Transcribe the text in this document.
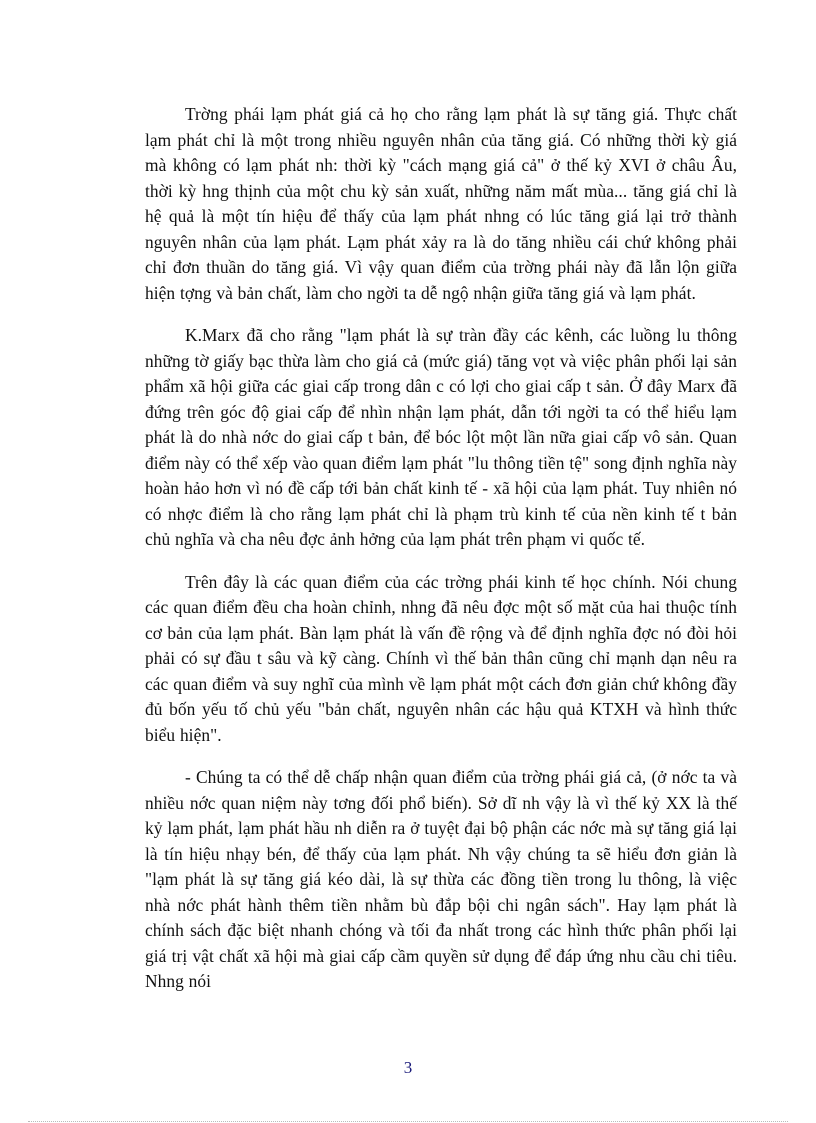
Trờng phái lạm phát giá cả họ cho rằng lạm phát là sự tăng giá. Thực chất lạm phát chỉ là một trong nhiều nguyên nhân của tăng giá. Có những thời kỳ giá mà không có lạm phát nh: thời kỳ "cách mạng giá cả" ở thế kỷ XVI ở châu Âu, thời kỳ hng thịnh của một chu kỳ sản xuất, những năm mất mùa... tăng giá chỉ là hệ quả là một tín hiệu để thấy của lạm phát nhng có lúc tăng giá lại trở thành nguyên nhân của lạm phát. Lạm phát xảy ra là do tăng nhiều cái chứ không phải chỉ đơn thuần do tăng giá. Vì vậy quan điểm của trờng phái này đã lẫn lộn giữa hiện tợng và bản chất, làm cho ngời ta dễ ngộ nhận giữa tăng giá và lạm phát.

K.Marx đã cho rằng "lạm phát là sự tràn đầy các kênh, các luồng lu thông những tờ giấy bạc thừa làm cho giá cả (mức giá) tăng vọt và việc phân phối lại sản phẩm xã hội giữa các giai cấp trong dân c có lợi cho giai cấp t sản. Ở đây Marx đã đứng trên góc độ giai cấp để nhìn nhận lạm phát, dẫn tới ngời ta có thể hiểu lạm phát là do nhà nớc do giai cấp t bản, để bóc lột một lần nữa giai cấp vô sản. Quan điểm này có thể xếp vào quan điểm lạm phát "lu thông tiền tệ" song định nghĩa này hoàn hảo hơn vì nó đề cấp tới bản chất kinh tế - xã hội của lạm phát. Tuy nhiên nó có nhợc điểm là cho rằng lạm phát chỉ là phạm trù kinh tế của nền kinh tế t bản chủ nghĩa và cha nêu đợc ảnh hởng của lạm phát trên phạm vi quốc tế.

Trên đây là các quan điểm của các trờng phái kinh tế học chính. Nói chung các quan điểm đều cha hoàn chỉnh, nhng đã nêu đợc một số mặt của hai thuộc tính cơ bản của lạm phát. Bàn lạm phát là vấn đề rộng và để định nghĩa đợc nó đòi hỏi phải có sự đầu t sâu và kỹ càng. Chính vì thế bản thân cũng chỉ mạnh dạn nêu ra các quan điểm và suy nghĩ của mình về lạm phát một cách đơn giản chứ không đầy đủ bốn yếu tố chủ yếu "bản chất, nguyên nhân các hậu quả KTXH và hình thức biểu hiện".

- Chúng ta có thể dễ chấp nhận quan điểm của trờng phái giá cả, (ở nớc ta và nhiều nớc quan niệm này tơng đối phổ biến). Sở dĩ nh vậy là vì thế kỷ XX là thế kỷ lạm phát, lạm phát hầu nh diễn ra ở tuyệt đại bộ phận các nớc mà sự tăng giá lại là tín hiệu nhạy bén, để thấy của lạm phát. Nh vậy chúng ta sẽ hiểu đơn giản là "lạm phát là sự tăng giá kéo dài, là sự thừa các đồng tiền trong lu thông, là việc nhà nớc phát hành thêm tiền nhằm bù đắp bội chi ngân sách". Hay lạm phát là chính sách đặc biệt nhanh chóng và tối đa nhất trong các hình thức phân phối lại giá trị vật chất xã hội mà giai cấp cầm quyền sử dụng để đáp ứng nhu cầu chi tiêu. Nhng nói

3
